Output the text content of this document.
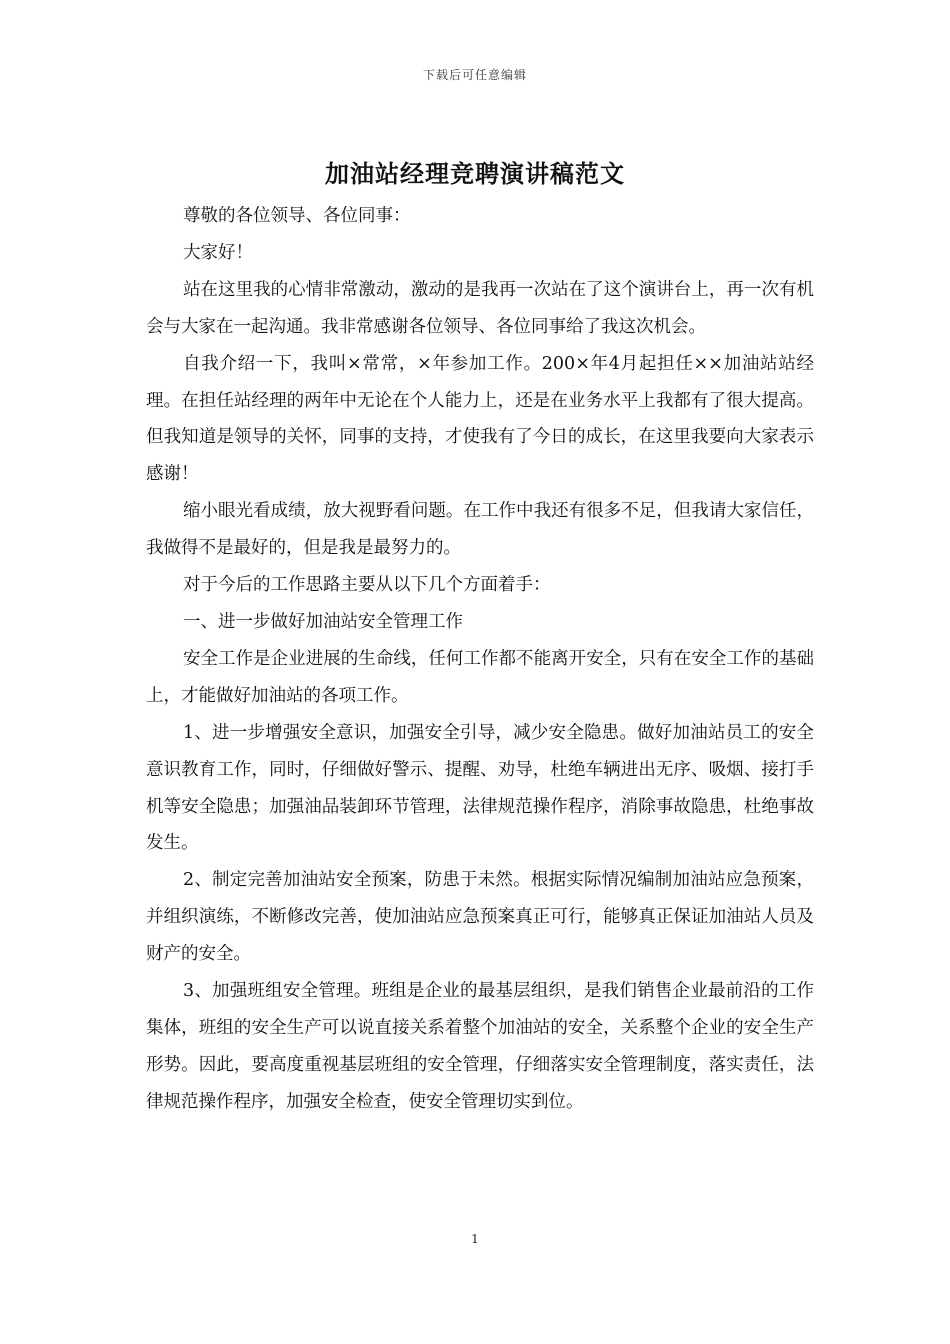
下载后可任意编辑
加油站经理竞聘演讲稿范文

尊敬的各位领导、各位同事：

大家好！

站在这里我的心情非常激动，激动的是我再一次站在了这个演讲台上，再一次有机会与大家在一起沟通。我非常感谢各位领导、各位同事给了我这次机会。

自我介绍一下，我叫×常常，×年参加工作。200×年4月起担任××加油站站经理。在担任站经理的两年中无论在个人能力上，还是在业务水平上我都有了很大提高。但我知道是领导的关怀，同事的支持，才使我有了今日的成长，在这里我要向大家表示感谢！

缩小眼光看成绩，放大视野看问题。在工作中我还有很多不足，但我请大家信任，我做得不是最好的，但是我是最努力的。

对于今后的工作思路主要从以下几个方面着手：

一、进一步做好加油站安全管理工作

安全工作是企业进展的生命线，任何工作都不能离开安全，只有在安全工作的基础上，才能做好加油站的各项工作。

1、进一步增强安全意识，加强安全引导，减少安全隐患。做好加油站员工的安全意识教育工作，同时，仔细做好警示、提醒、劝导，杜绝车辆进出无序、吸烟、接打手机等安全隐患；加强油品装卸环节管理，法律规范操作程序，消除事故隐患，杜绝事故发生。

2、制定完善加油站安全预案，防患于未然。根据实际情况编制加油站应急预案，并组织演练，不断修改完善，使加油站应急预案真正可行，能够真正保证加油站人员及财产的安全。

3、加强班组安全管理。班组是企业的最基层组织，是我们销售企业最前沿的工作集体，班组的安全生产可以说直接关系着整个加油站的安全，关系整个企业的安全生产形势。因此，要高度重视基层班组的安全管理，仔细落实安全管理制度，落实责任，法律规范操作程序，加强安全检查，使安全管理切实到位。

1
